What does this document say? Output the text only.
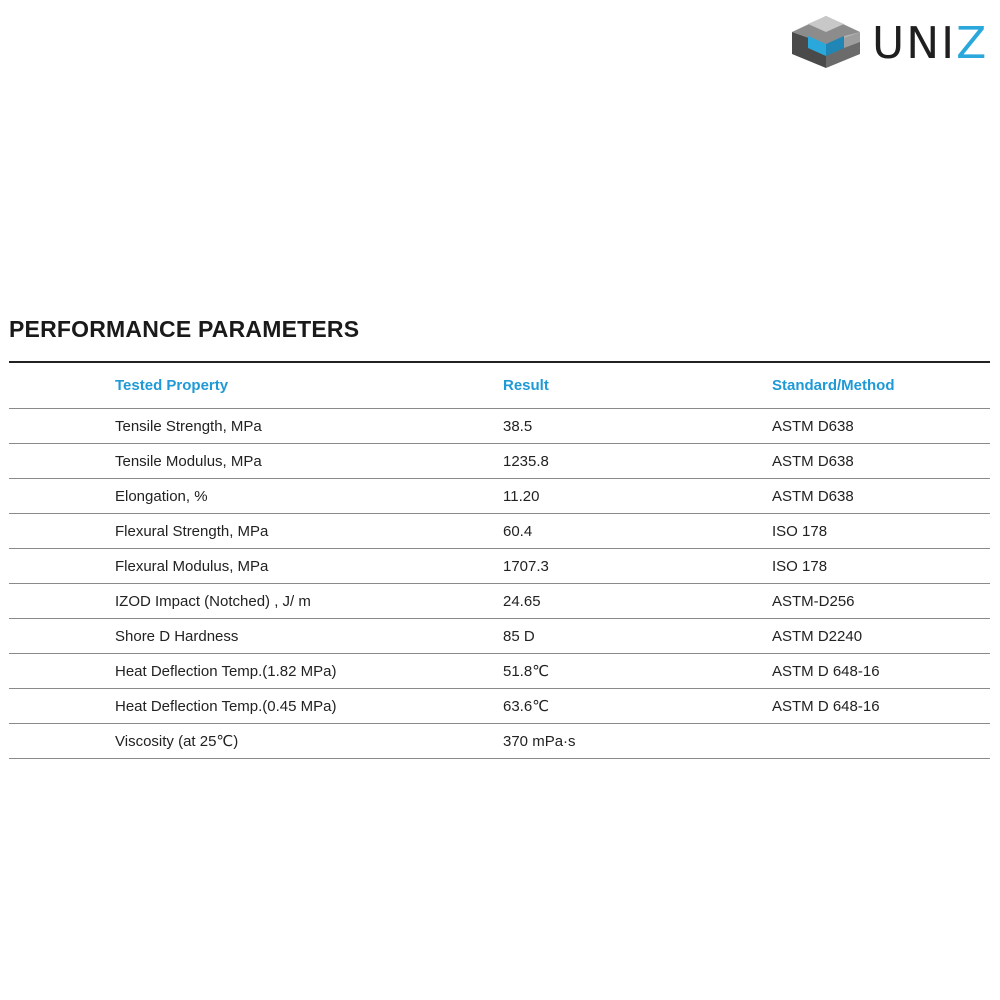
UNIZ
PERFORMANCE PARAMETERS
Tested Property	Result	Standard/Method
Tensile Strength, MPa	38.5	ASTM D638
Tensile Modulus, MPa	1235.8	ASTM D638
Elongation, %	11.20	ASTM D638
Flexural Strength, MPa	60.4	ISO 178
Flexural Modulus, MPa	1707.3	ISO 178
IZOD Impact (Notched) , J/ m	24.65	ASTM-D256
Shore D Hardness	85 D	ASTM D2240
Heat Deflection Temp.(1.82 MPa)	51.8℃	ASTM D 648-16
Heat Deflection Temp.(0.45 MPa)	63.6℃	ASTM D 648-16
Viscosity (at 25℃)	370 mPa·s
